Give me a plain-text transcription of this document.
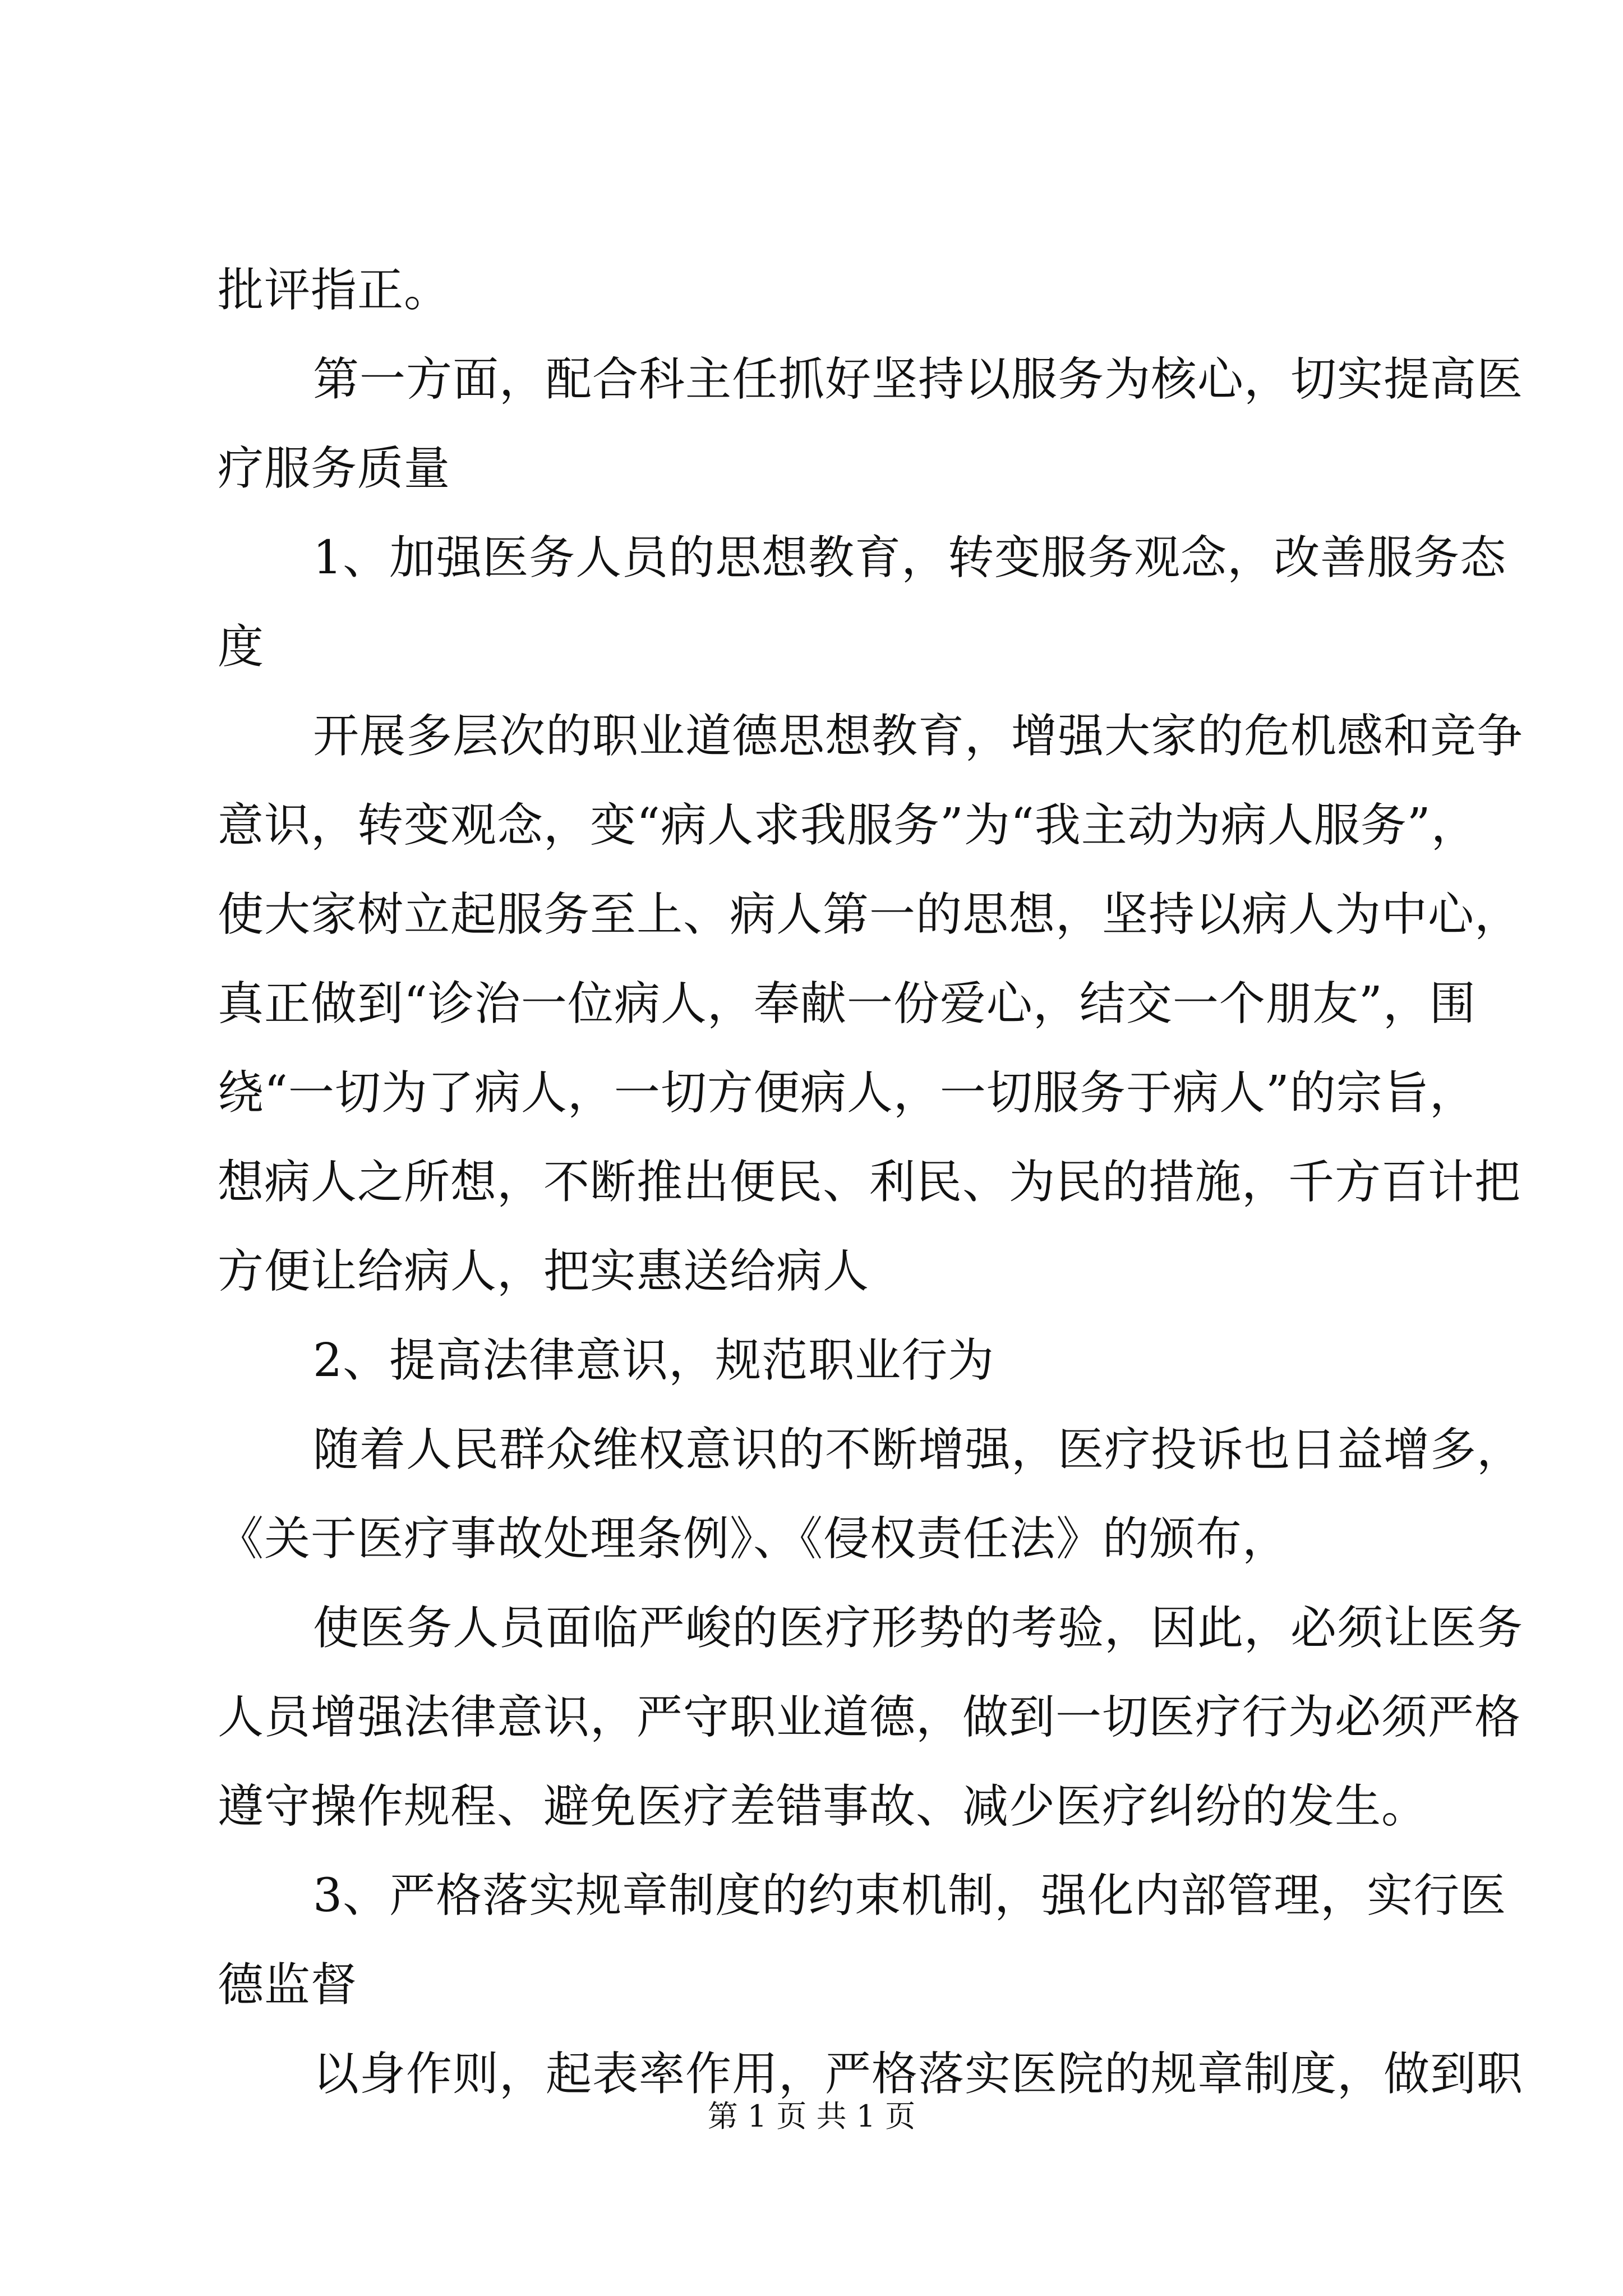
批评指正。
第一方面，配合科主任抓好坚持以服务为核心，切实提高医
疗服务质量
1、加强医务人员的思想教育，转变服务观念，改善服务态
度
开展多层次的职业道德思想教育，增强大家的危机感和竞争
意识，转变观念，变“病人求我服务”为“我主动为病人服务”，
使大家树立起服务至上、病人第一的思想，坚持以病人为中心，
真正做到“诊治一位病人，奉献一份爱心，结交一个朋友”，围
绕“一切为了病人，一切方便病人，一切服务于病人”的宗旨，
想病人之所想，不断推出便民、利民、为民的措施，千方百计把
方便让给病人，把实惠送给病人
2、提高法律意识，规范职业行为
随着人民群众维权意识的不断增强，医疗投诉也日益增多，
《关于医疗事故处理条例》、《侵权责任法》的颁布，
使医务人员面临严峻的医疗形势的考验，因此，必须让医务
人员增强法律意识，严守职业道德，做到一切医疗行为必须严格
遵守操作规程、避免医疗差错事故、减少医疗纠纷的发生。
3、严格落实规章制度的约束机制，强化内部管理，实行医
德监督
以身作则，起表率作用，严格落实医院的规章制度，做到职
第 1 页 共 1 页
